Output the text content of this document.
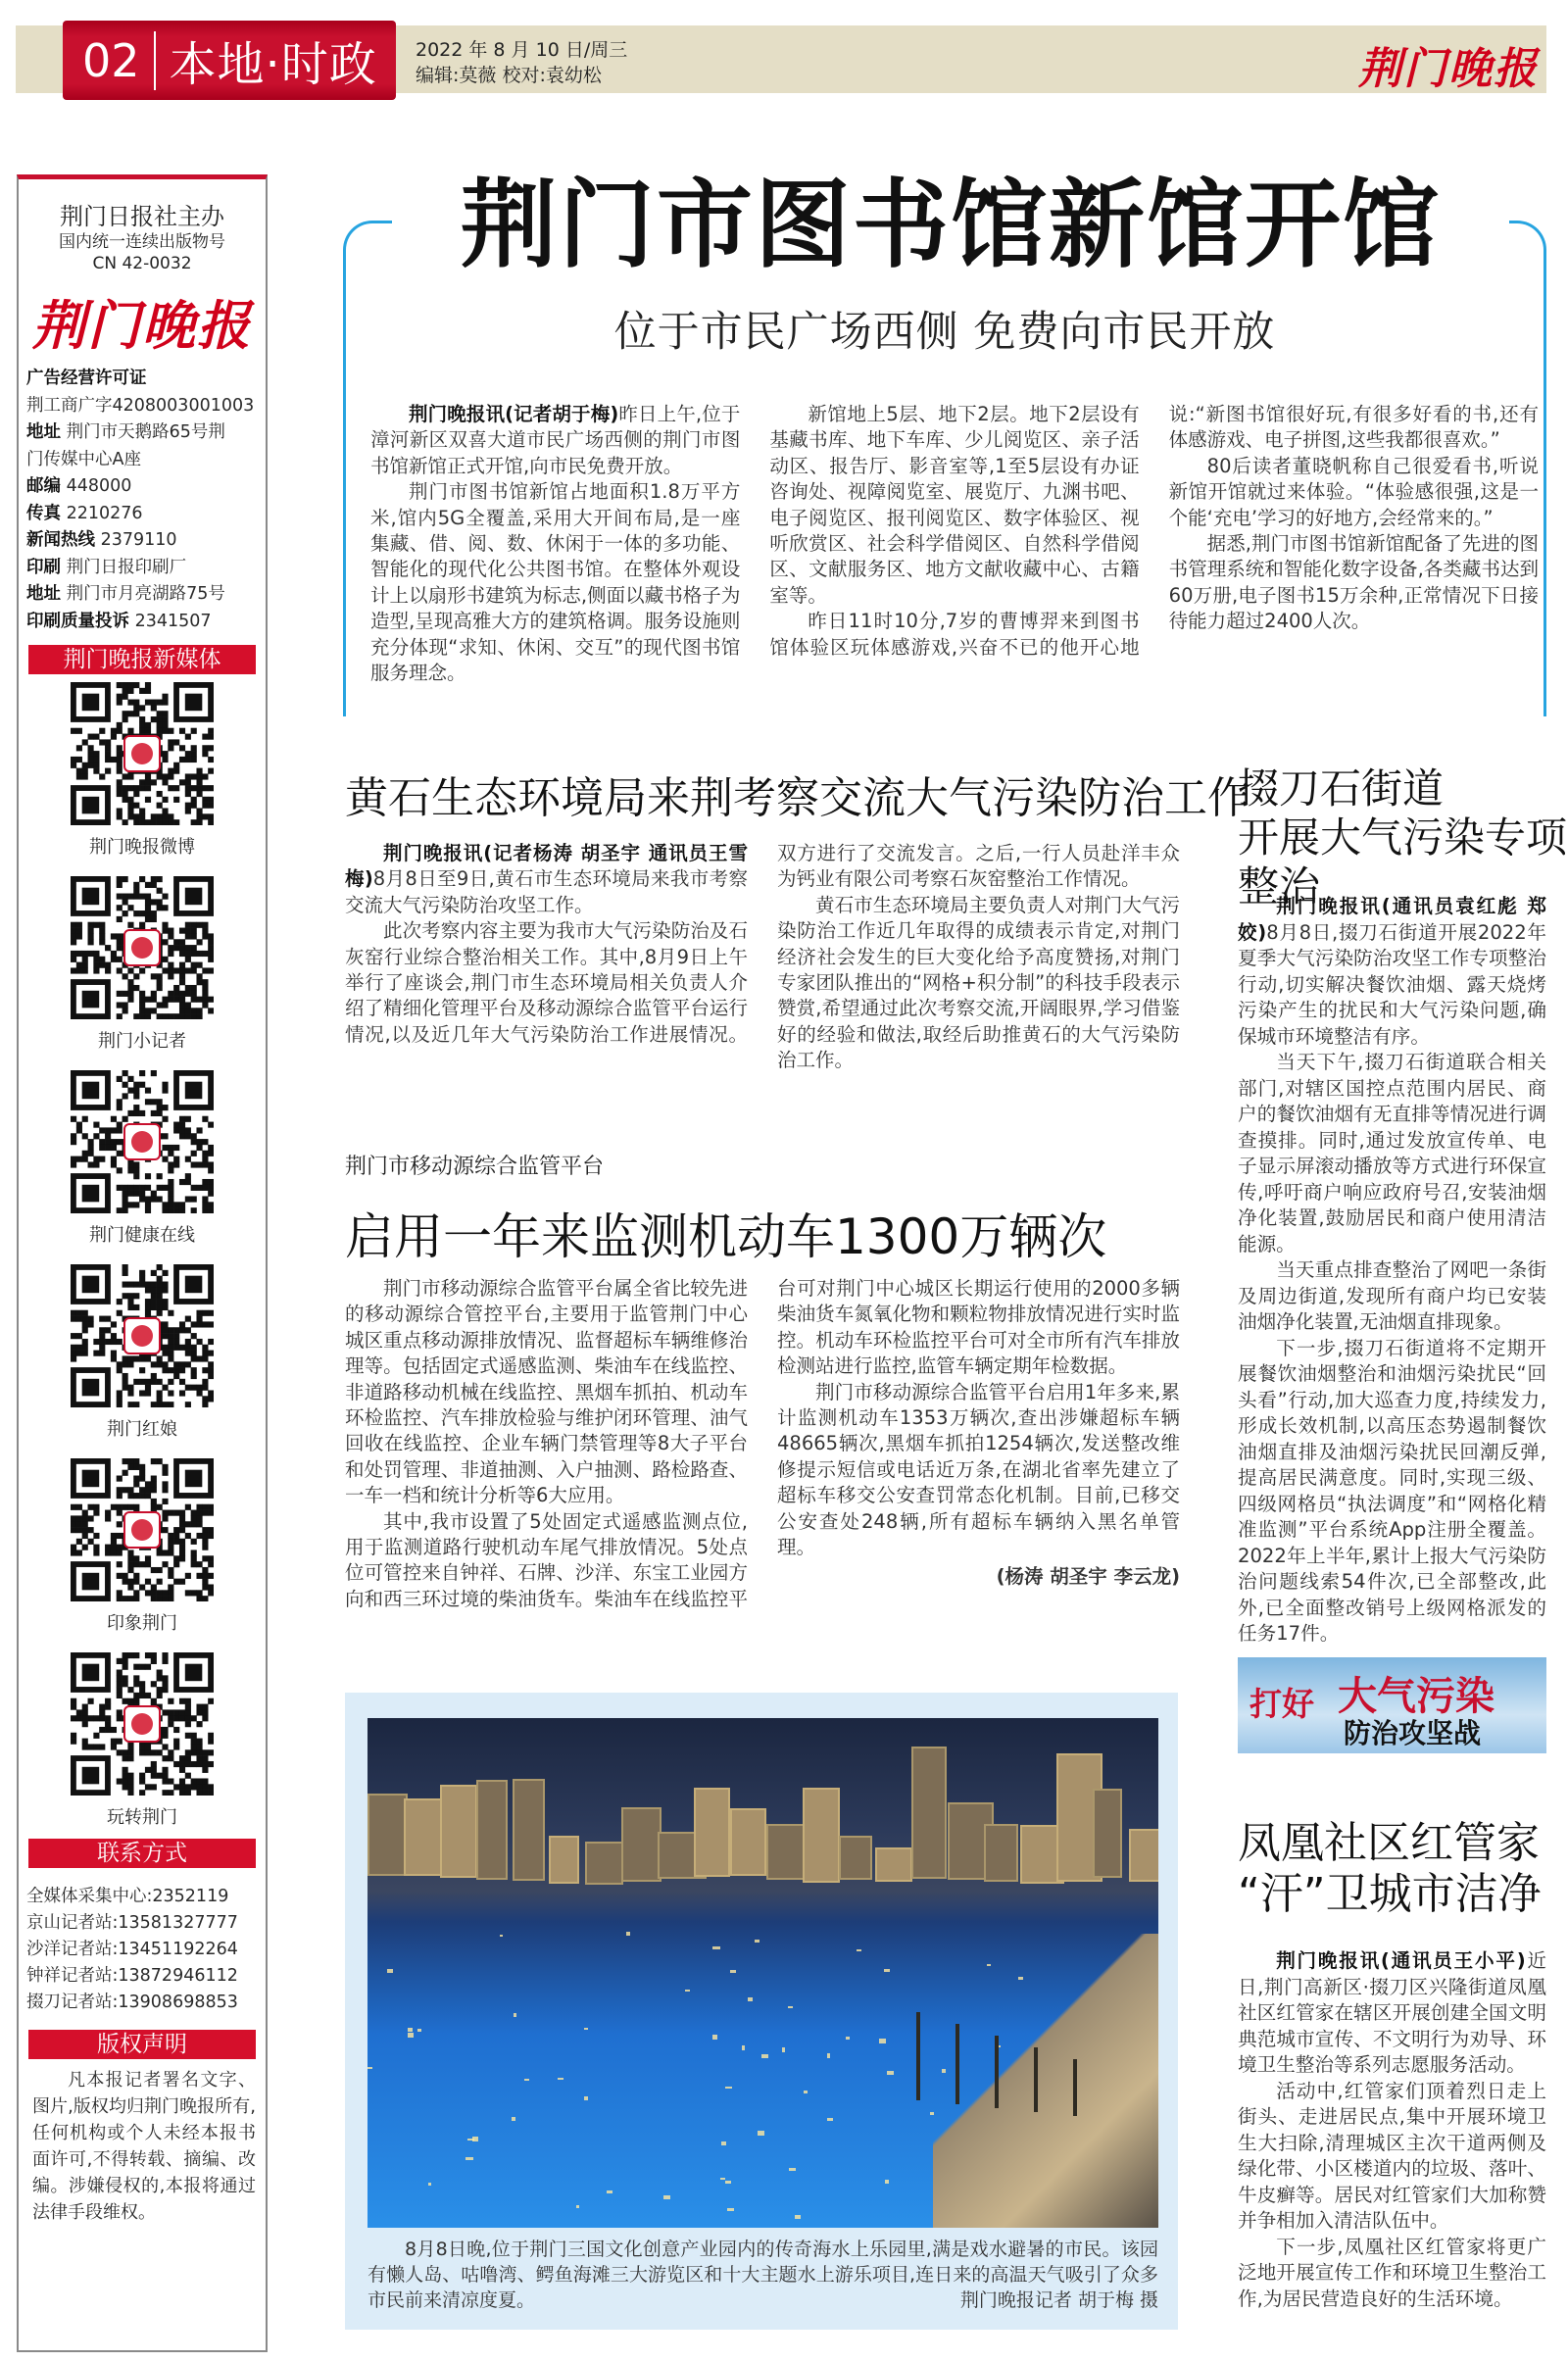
02 本地·时政 2022 年 8 月 10 日/周三
编辑:莫薇 校对:袁幼松	荆门晚报
荆门日报社主办
国内统一连续出版物号
CN 42-0032
荆门晚报
广告经营许可证
荆工商广字4208003001003
地址 荆门市天鹅路65号荆
门传媒中心A座
邮编 448000
传真 2210276
新闻热线 2379110
印刷 荆门日报印刷厂
地址 荆门市月亮湖路75号
印刷质量投诉 2341507
荆门晚报新媒体
荆门晚报微博
荆门小记者
荆门健康在线
荆门红娘
印象荆门
玩转荆门
联系方式
全媒体采集中心:2352119
京山记者站:13581327777
沙洋记者站:13451192264
钟祥记者站:13872946112
掇刀记者站:13908698853
版权声明
凡本报记者署名文字、图片,版权均归荆门晚报所有,任何机构或个人未经本报书面许可,不得转载、摘编、改编。涉嫌侵权的,本报将通过法律手段维权。
荆门市图书馆新馆开馆
位于市民广场西侧 免费向市民开放

荆门晚报讯(记者胡于梅)昨日上午,位于漳河新区双喜大道市民广场西侧的荆门市图书馆新馆正式开馆,向市民免费开放。

荆门市图书馆新馆占地面积1.8万平方米,馆内5G全覆盖,采用大开间布局,是一座集藏、借、阅、数、休闲于一体的多功能、智能化的现代化公共图书馆。在整体外观设计上以扇形书建筑为标志,侧面以藏书格子为造型,呈现高雅大方的建筑格调。服务设施则充分体现“求知、休闲、交互”的现代图书馆服务理念。

新馆地上5层、地下2层。地下2层设有基藏书库、地下车库、少儿阅览区、亲子活动区、报告厅、影音室等,1至5层设有办证咨询处、视障阅览室、展览厅、九渊书吧、电子阅览区、报刊阅览区、数字体验区、视听欣赏区、社会科学借阅区、自然科学借阅区、文献服务区、地方文献收藏中心、古籍室等。

昨日11时10分,7岁的曹博羿来到图书馆体验区玩体感游戏,兴奋不已的他开心地说:“新图书馆很好玩,有很多好看的书,还有体感游戏、电子拼图,这些我都很喜欢。”

80后读者董晓帆称自己很爱看书,听说新馆开馆就过来体验。“体验感很强,这是一个能‘充电’学习的好地方,会经常来的。”

据悉,荆门市图书馆新馆配备了先进的图书管理系统和智能化数字设备,各类藏书达到60万册,电子图书15万余种,正常情况下日接待能力超过2400人次。

黄石生态环境局来荆考察交流大气污染防治工作

荆门晚报讯(记者杨涛 胡圣宇 通讯员王雪梅)8月8日至9日,黄石市生态环境局来我市考察交流大气污染防治攻坚工作。

此次考察内容主要为我市大气污染防治及石灰窑行业综合整治相关工作。其中,8月9日上午举行了座谈会,荆门市生态环境局相关负责人介绍了精细化管理平台及移动源综合监管平台运行情况,以及近几年大气污染防治工作进展情况。双方进行了交流发言。之后,一行人员赴洋丰众为钙业有限公司考察石灰窑整治工作情况。

黄石市生态环境局主要负责人对荆门大气污染防治工作近几年取得的成绩表示肯定,对荆门经济社会发生的巨大变化给予高度赞扬,对荆门专家团队推出的“网格+积分制”的科技手段表示赞赏,希望通过此次考察交流,开阔眼界,学习借鉴好的经验和做法,取经后助推黄石的大气污染防治工作。

荆门市移动源综合监管平台
启用一年来监测机动车1300万辆次

荆门市移动源综合监管平台属全省比较先进的移动源综合管控平台,主要用于监管荆门中心城区重点移动源排放情况、监督超标车辆维修治理等。包括固定式遥感监测、柴油车在线监控、非道路移动机械在线监控、黑烟车抓拍、机动车环检监控、汽车排放检验与维护闭环管理、油气回收在线监控、企业车辆门禁管理等8大子平台和处罚管理、非道抽测、入户抽测、路检路查、一车一档和统计分析等6大应用。

其中,我市设置了5处固定式遥感监测点位,用于监测道路行驶机动车尾气排放情况。5处点位可管控来自钟祥、石牌、沙洋、东宝工业园方向和西三环过境的柴油货车。柴油车在线监控平台可对荆门中心城区长期运行使用的2000多辆柴油货车氮氧化物和颗粒物排放情况进行实时监控。机动车环检监控平台可对全市所有汽车排放检测站进行监控,监管车辆定期年检数据。

荆门市移动源综合监管平台启用1年多来,累计监测机动车1353万辆次,查出涉嫌超标车辆48665辆次,黑烟车抓拍1254辆次,发送整改维修提示短信或电话近万条,在湖北省率先建立了超标车移交公安查罚常态化机制。目前,已移交公安查处248辆,所有超标车辆纳入黑名单管理。

(杨涛 胡圣宇 李云龙)

8月8日晚,位于荆门三国文化创意产业园内的传奇海水上乐园里,满是戏水避暑的市民。该园有懒人岛、咕噜湾、鳄鱼海滩三大游览区和十大主题水上游乐项目,连日来的高温天气吸引了众多市民前来清凉度夏。	荆门晚报记者 胡于梅 摄
掇刀石街道
开展大气污染专项整治

荆门晚报讯(通讯员袁红彪 郑姣)8月8日,掇刀石街道开展2022年夏季大气污染防治攻坚工作专项整治行动,切实解决餐饮油烟、露天烧烤污染产生的扰民和大气污染问题,确保城市环境整洁有序。

当天下午,掇刀石街道联合相关部门,对辖区国控点范围内居民、商户的餐饮油烟有无直排等情况进行调查摸排。同时,通过发放宣传单、电子显示屏滚动播放等方式进行环保宣传,呼吁商户响应政府号召,安装油烟净化装置,鼓励居民和商户使用清洁能源。

当天重点排查整治了网吧一条街及周边街道,发现所有商户均已安装油烟净化装置,无油烟直排现象。

下一步,掇刀石街道将不定期开展餐饮油烟整治和油烟污染扰民“回头看”行动,加大巡查力度,持续发力,形成长效机制,以高压态势遏制餐饮油烟直排及油烟污染扰民回潮反弹,提高居民满意度。同时,实现三级、四级网格员“执法调度”和“网格化精准监测”平台系统App注册全覆盖。2022年上半年,累计上报大气污染防治问题线索54件次,已全部整改,此外,已全面整改销号上级网格派发的任务17件。

打好 大气污染
防治攻坚战
凤凰社区红管家
“汗”卫城市洁净

荆门晚报讯(通讯员王小平)近日,荆门高新区·掇刀区兴隆街道凤凰社区红管家在辖区开展创建全国文明典范城市宣传、不文明行为劝导、环境卫生整治等系列志愿服务活动。

活动中,红管家们顶着烈日走上街头、走进居民点,集中开展环境卫生大扫除,清理城区主次干道两侧及绿化带、小区楼道内的垃圾、落叶、牛皮癣等。居民对红管家们大加称赞并争相加入清洁队伍中。

下一步,凤凰社区红管家将更广泛地开展宣传工作和环境卫生整治工作,为居民营造良好的生活环境。
